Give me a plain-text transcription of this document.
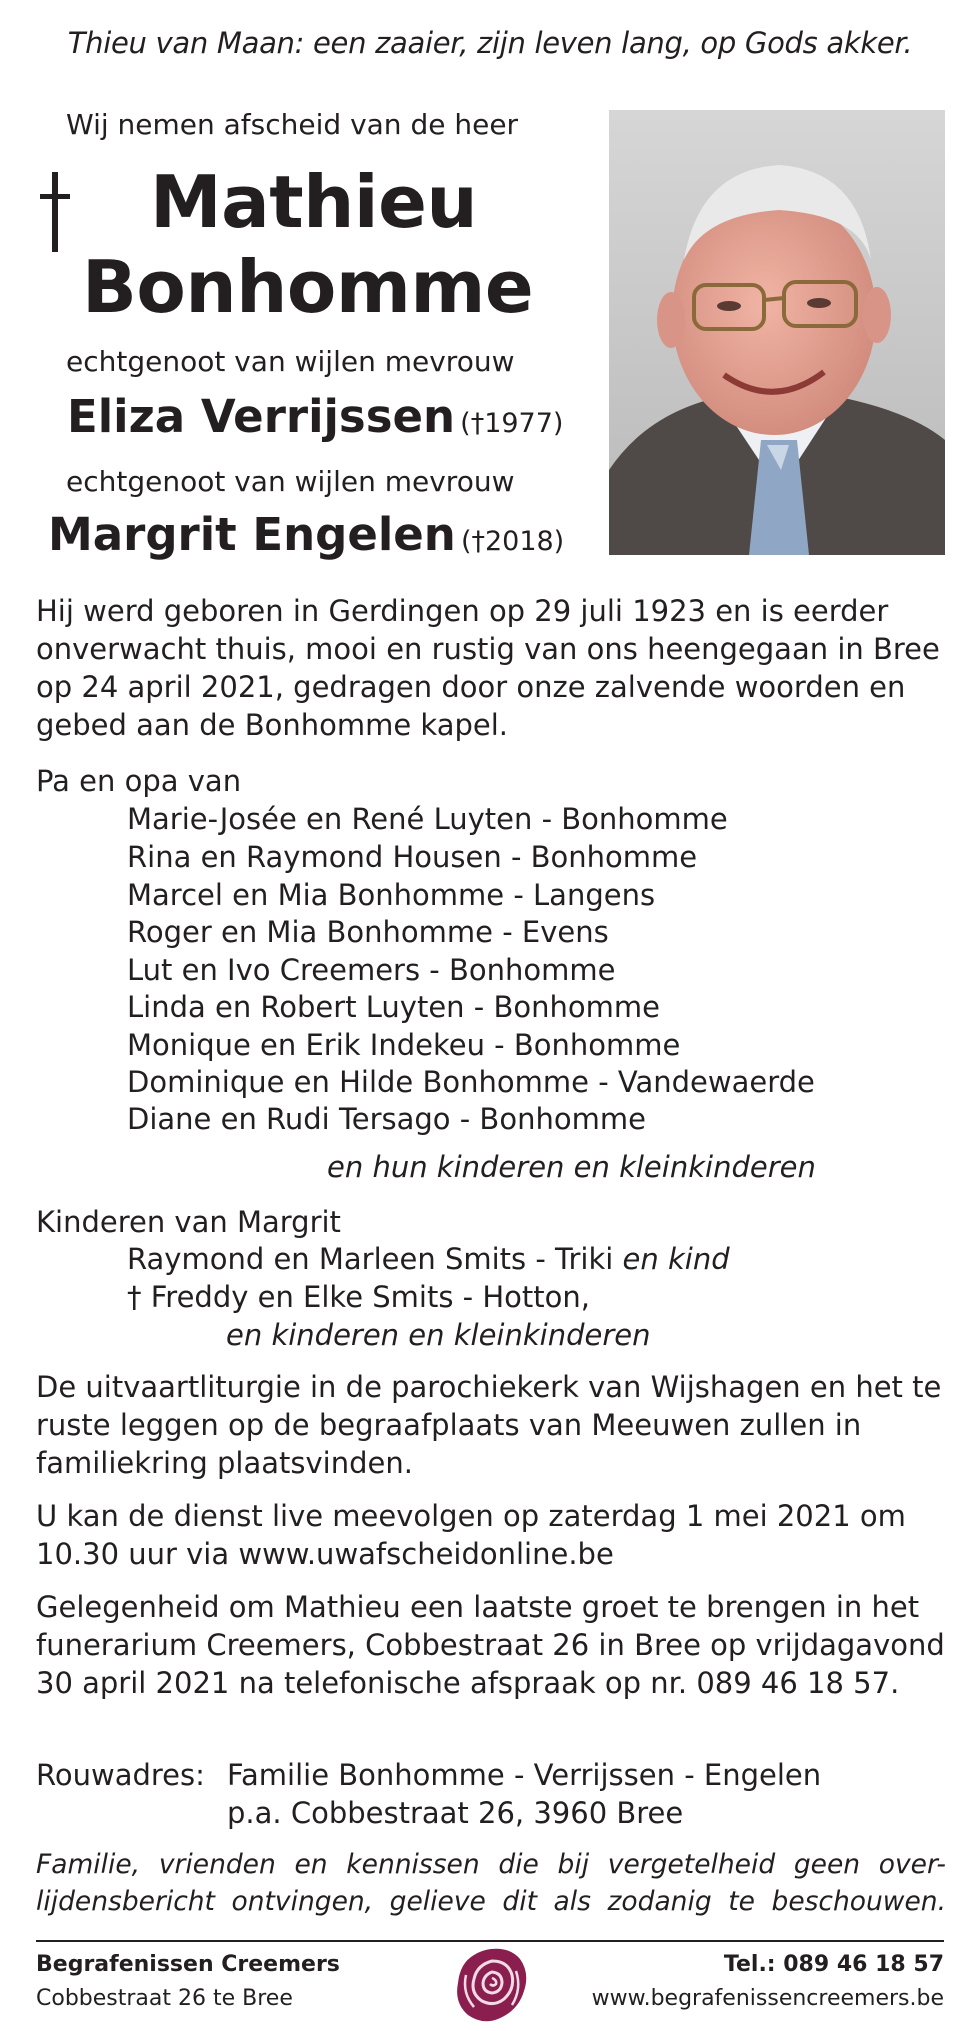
Thieu van Maan: een zaaier, zijn leven lang, op Gods akker.
Wij nemen afscheid van de heer
Mathieu
Bonhomme
echtgenoot van wijlen mevrouw
Eliza Verrijssen (†1977)
echtgenoot van wijlen mevrouw
Margrit Engelen (†2018)
Hij werd geboren in Gerdingen op 29 juli 1923 en is eerder onverwacht thuis, mooi en rustig van ons heengegaan in Bree op 24 april 2021, gedragen door onze zalvende woorden en gebed aan de Bonhomme kapel.
Pa en opa van
Marie-Josée en René Luyten - Bonhomme
Rina en Raymond Housen - Bonhomme
Marcel en Mia Bonhomme - Langens
Roger en Mia Bonhomme - Evens
Lut en Ivo Creemers - Bonhomme
Linda en Robert Luyten - Bonhomme
Monique en Erik Indekeu - Bonhomme
Dominique en Hilde Bonhomme - Vandewaerde
Diane en Rudi Tersago - Bonhomme
en hun kinderen en kleinkinderen
Kinderen van Margrit
Raymond en Marleen Smits - Triki en kind
† Freddy en Elke Smits - Hotton,
en kinderen en kleinkinderen
De uitvaartliturgie in de parochiekerk van Wijshagen en het te ruste leggen op de begraafplaats van Meeuwen zullen in familiekring plaatsvinden.
U kan de dienst live meevolgen op zaterdag 1 mei 2021 om 10.30 uur via www.uwafscheidonline.be
Gelegenheid om Mathieu een laatste groet te brengen in het funerarium Creemers, Cobbestraat 26 in Bree op vrijdagavond 30 april 2021 na telefonische afspraak op nr. 089 46 18 57.
Rouwadres: Familie Bonhomme - Verrijssen - Engelen
p.a. Cobbestraat 26, 3960 Bree
Familie, vrienden en kennissen die bij vergetelheid geen over-lijdensbericht ontvingen, gelieve dit als zodanig te beschouwen.
Begrafenissen Creemers
Cobbestraat 26 te Bree
Tel.: 089 46 18 57
www.begrafenissencreemers.be
